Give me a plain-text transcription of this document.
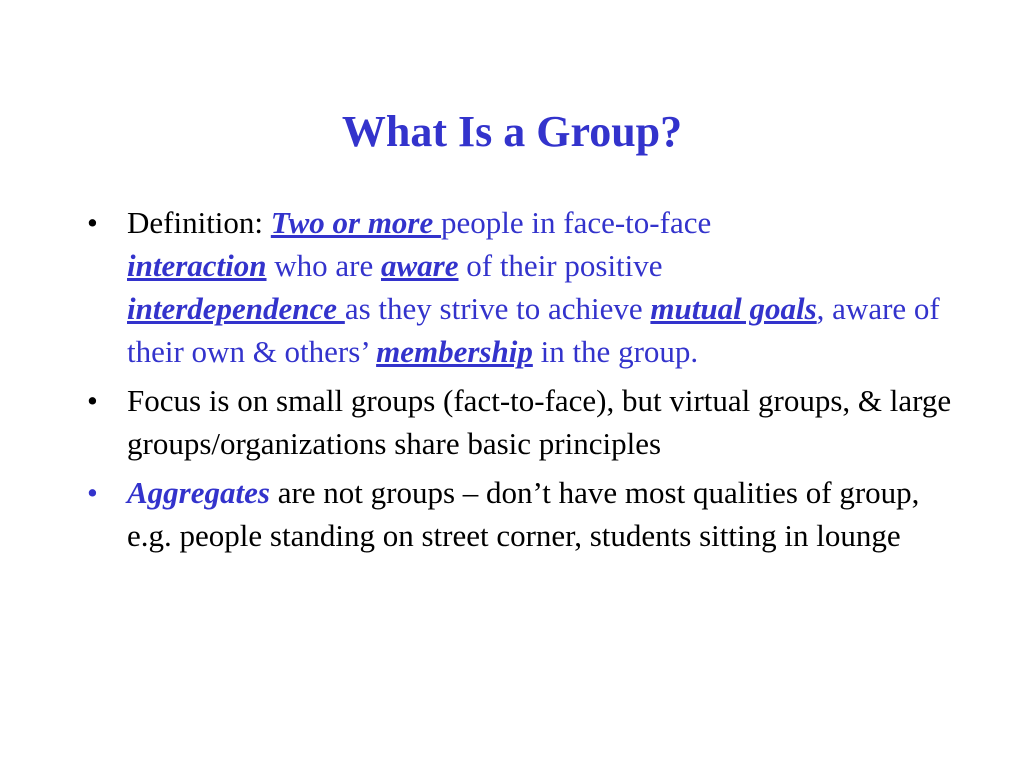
What Is a Group?
• Definition: Two or more people in face-to-face
interaction who are aware of their positive
interdependence as they strive to achieve mutual goals, aware of their own & others’ membership in the group.
• Focus is on small groups (fact-to-face), but virtual groups, & large groups/organizations share basic principles
• Aggregates are not groups – don’t have most qualities of group, e.g. people standing on street corner, students sitting in lounge
